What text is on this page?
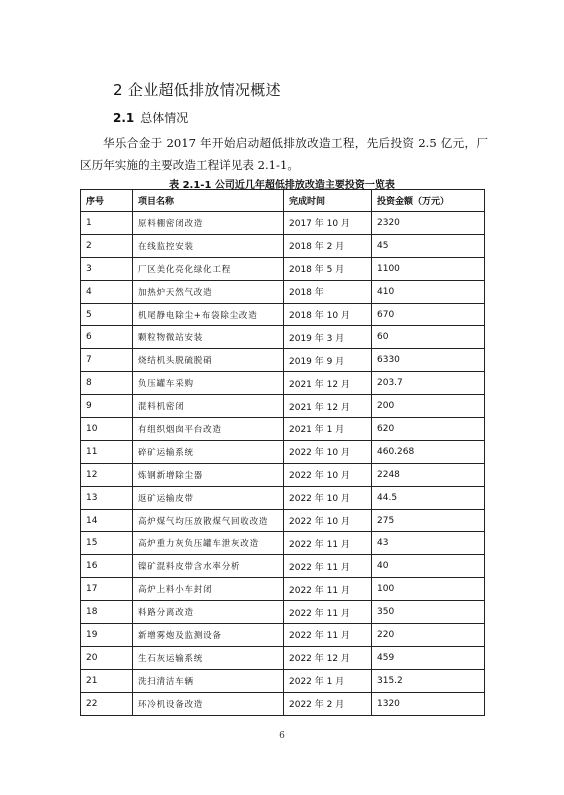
2 企业超低排放情况概述
2.1 总体情况

华乐合金于 2017 年开始启动超低排放改造工程，先后投资 2.5 亿元，厂区历年实施的主要改造工程详见表 2.1-1。

表 2.1-1 公司近几年超低排放改造主要投资一览表
序号	项目名称	完成时间	投资金额（万元）
1	原料棚密闭改造	2017 年 10 月	2320
2	在线监控安装	2018 年 2 月	45
3	厂区美化亮化绿化工程	2018 年 5 月	1100
4	加热炉天然气改造	2018 年	410
5	机尾静电除尘+布袋除尘改造	2018 年 10 月	670
6	颗粒物微站安装	2019 年 3 月	60
7	烧结机头脱硫脱硝	2019 年 9 月	6330
8	负压罐车采购	2021 年 12 月	203.7
9	混料机密闭	2021 年 12 月	200
10	有组织烟囱平台改造	2021 年 1 月	620
11	碎矿运输系统	2022 年 10 月	460.268
12	炼钢新增除尘器	2022 年 10 月	2248
13	返矿运输皮带	2022 年 10 月	44.5
14	高炉煤气均压放散煤气回收改造	2022 年 10 月	275
15	高炉重力灰负压罐车泄灰改造	2022 年 11 月	43
16	镍矿混料皮带含水率分析	2022 年 11 月	40
17	高炉上料小车封闭	2022 年 11 月	100
18	料路分离改造	2022 年 11 月	350
19	新增雾炮及监测设备	2022 年 11 月	220
20	生石灰运输系统	2022 年 12 月	459
21	洗扫清洁车辆	2022 年 1 月	315.2
22	环冷机设备改造	2022 年 2 月	1320
6
